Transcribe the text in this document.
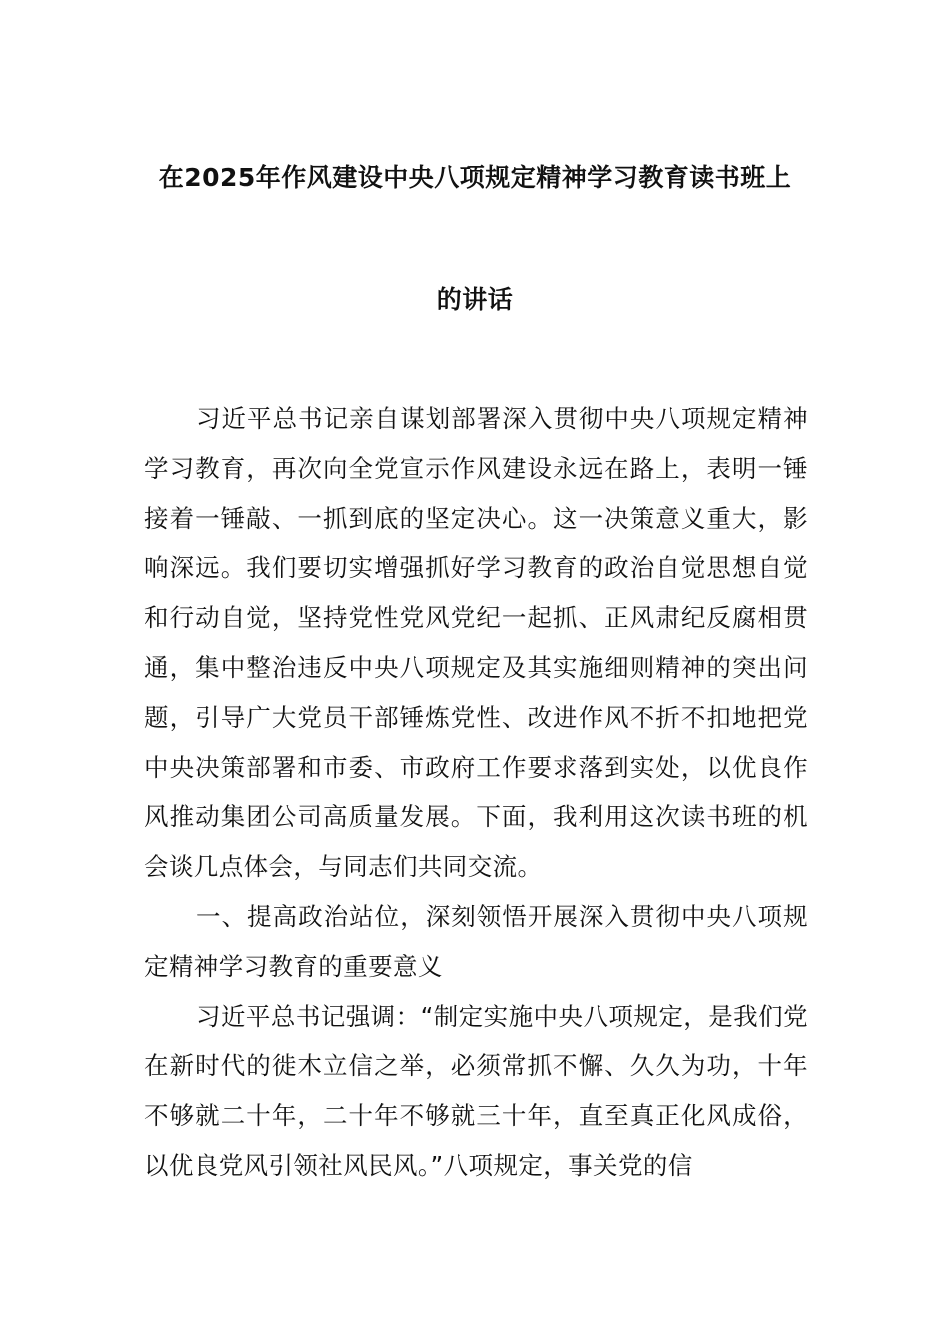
在2025年作风建设中央八项规定精神学习教育读书班上
的讲话

习近平总书记亲自谋划部署深入贯彻中央八项规定精神学习教育，再次向全党宣示作风建设永远在路上，表明一锤接着一锤敲、一抓到底的坚定决心。这一决策意义重大，影响深远。我们要切实增强抓好学习教育的政治自觉思想自觉和行动自觉，坚持党性党风党纪一起抓、正风肃纪反腐相贯通，集中整治违反中央八项规定及其实施细则精神的突出问题，引导广大党员干部锤炼党性、改进作风不折不扣地把党中央决策部署和市委、市政府工作要求落到实处，以优良作风推动集团公司高质量发展。下面，我利用这次读书班的机会谈几点体会，与同志们共同交流。

一、提高政治站位，深刻领悟开展深入贯彻中央八项规定精神学习教育的重要意义

习近平总书记强调：“制定实施中央八项规定，是我们党在新时代的徙木立信之举，必须常抓不懈、久久为功，十年不够就二十年，二十年不够就三十年，直至真正化风成俗，以优良党风引领社风民风。”八项规定，事关党的信
